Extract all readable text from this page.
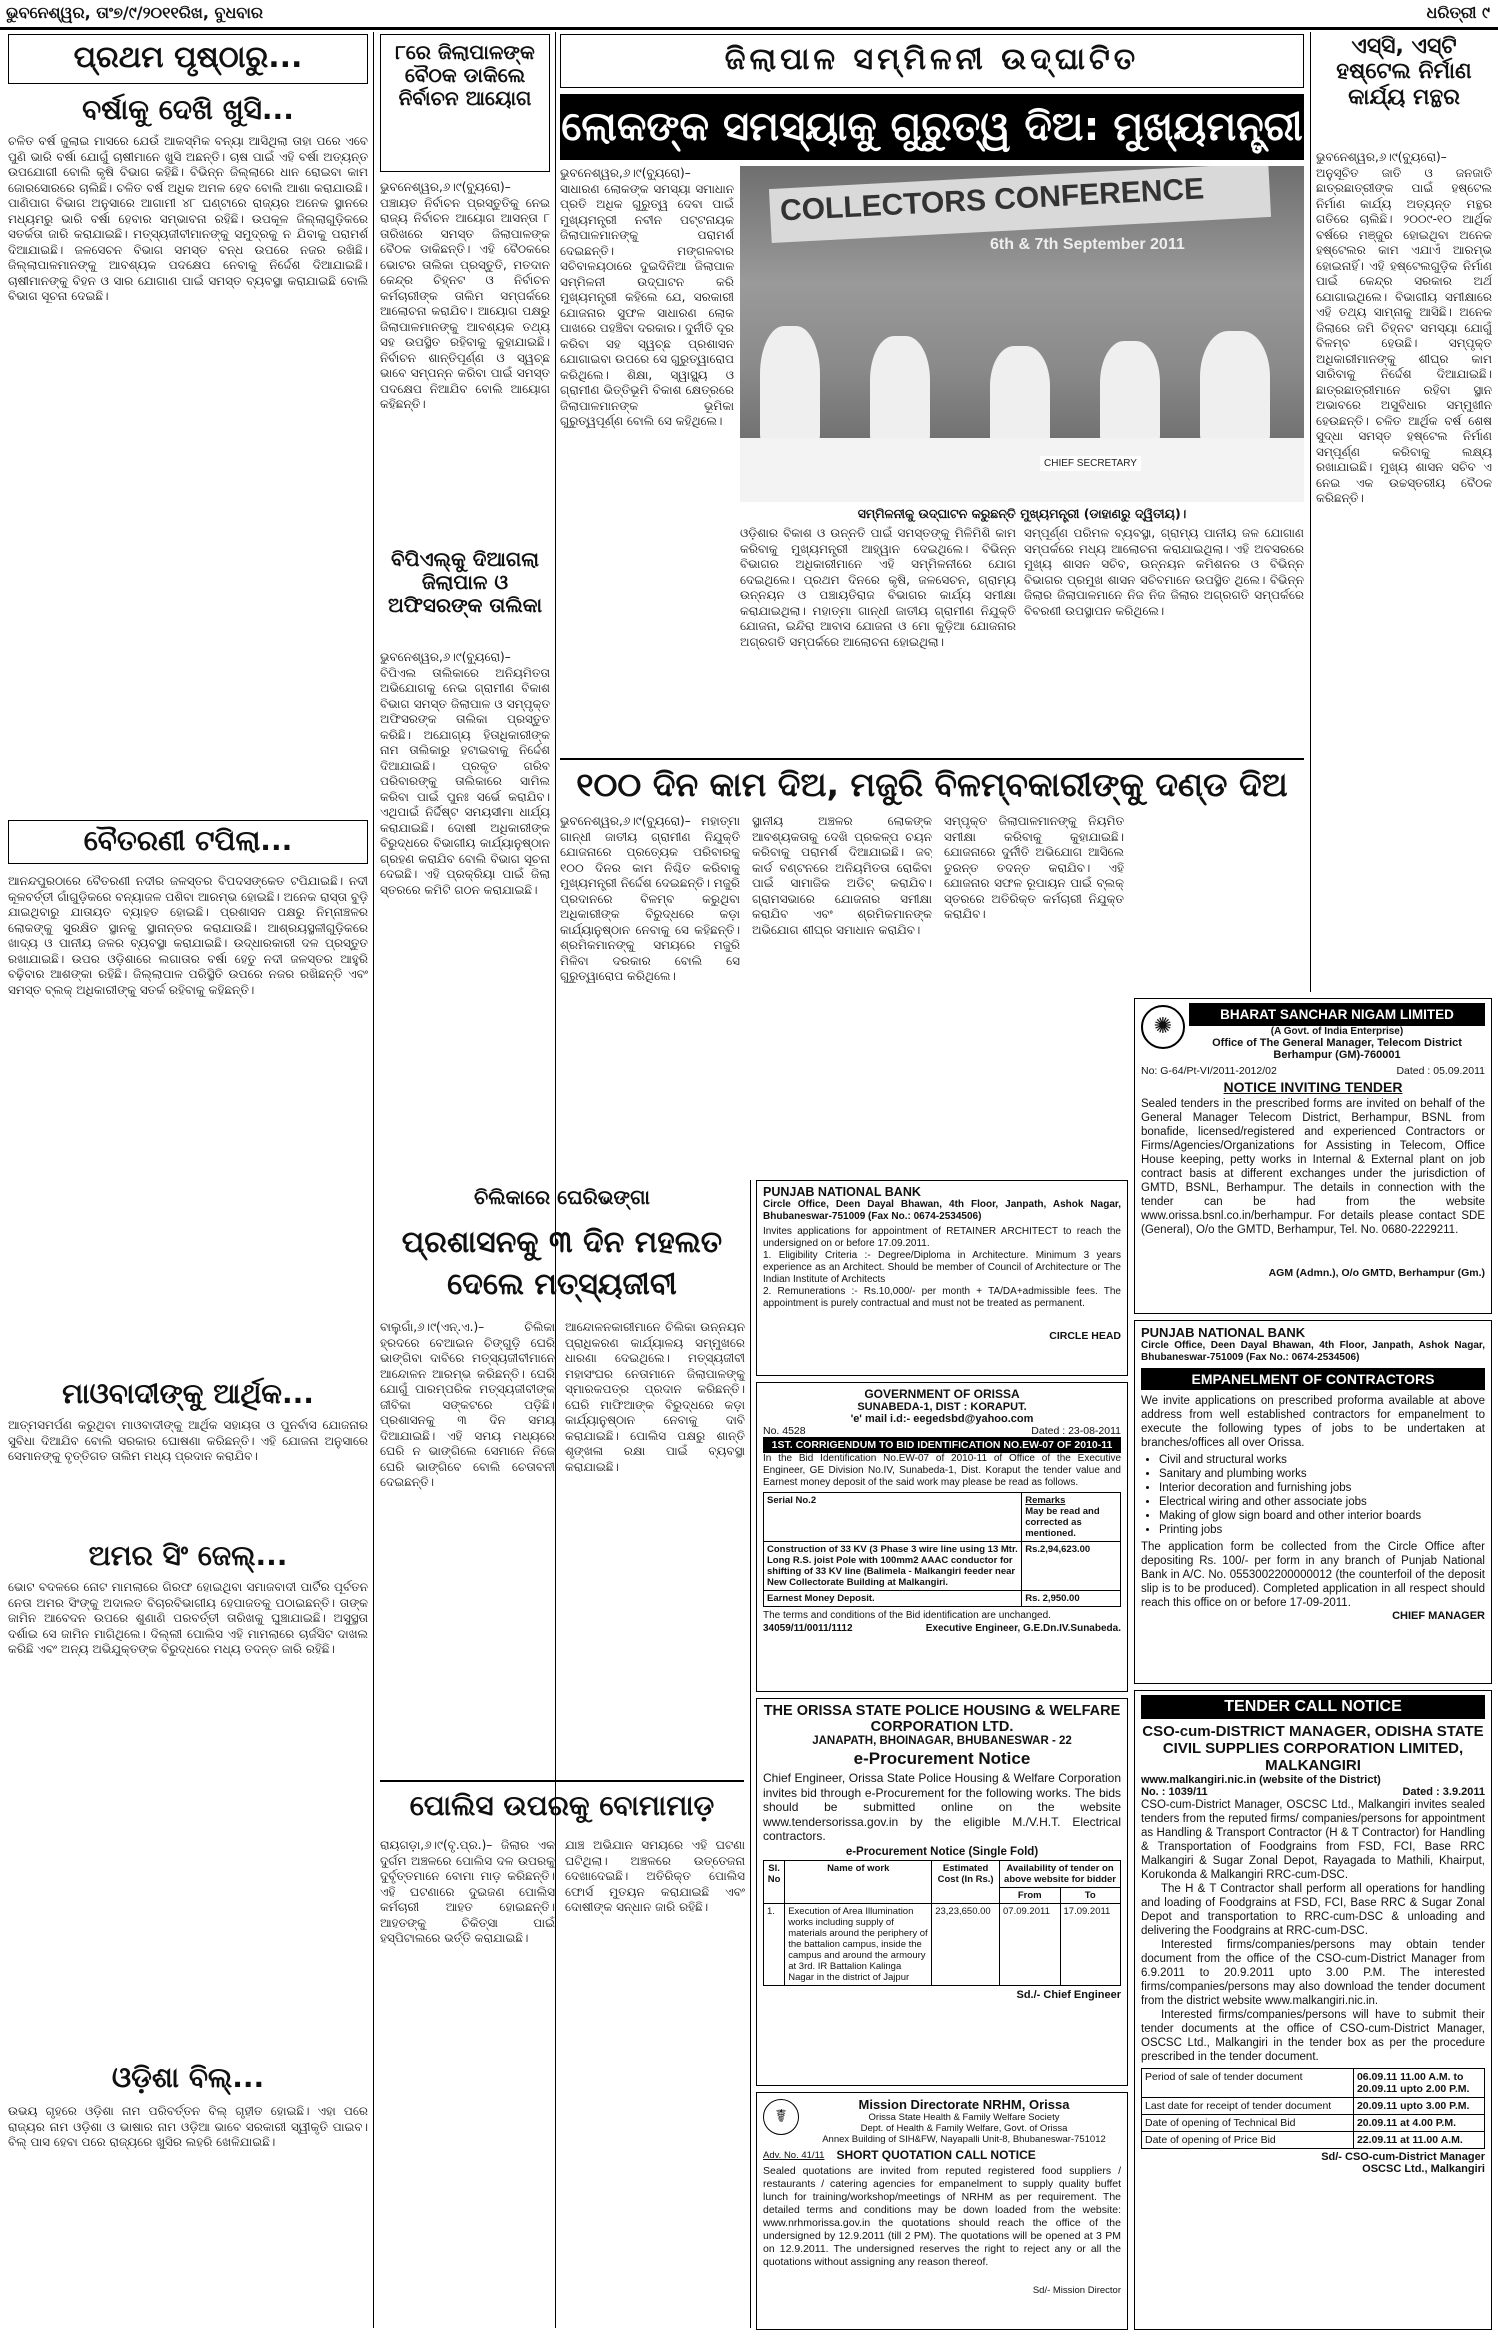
ଭୁବନେଶ୍ୱର, ତାଂ୭/୯/୨୦୧୧ରିଖ, ବୁଧବାର	ଧରିତ୍ରୀ ୯
ପ୍ରଥମ ପୃଷ୍ଠାରୁ...
ବର୍ଷାକୁ ଦେଖି ଖୁସି...
ଚଳିତ ବର୍ଷ ଜୁଲାଇ ମାସରେ ଯେଉଁ ଆକସ୍ମିକ ବନ୍ୟା ଆସିଥିଲା ତାହା ପରେ ଏବେ ପୁଣି ଭାରି ବର୍ଷା ଯୋଗୁଁ ଚାଷୀମାନେ ଖୁସି ଅଛନ୍ତି। ଚାଷ ପାଇଁ ଏହି ବର୍ଷା ଅତ୍ୟନ୍ତ ଉପଯୋଗୀ ବୋଲି କୃଷି ବିଭାଗ କହିଛି। ବିଭିନ୍ନ ଜିଲ୍ଲାରେ ଧାନ ରୋଇବା କାମ ଜୋରସୋରରେ ଚାଲିଛି। ଚଳିତ ବର୍ଷ ଅଧିକ ଅମଳ ହେବ ବୋଲି ଆଶା କରାଯାଉଛି। ପାଣିପାଗ ବିଭାଗ ଅନୁସାରେ ଆଗାମୀ ୪୮ ଘଣ୍ଟାରେ ରାଜ୍ୟର ଅନେକ ସ୍ଥାନରେ ମଧ୍ୟମରୁ ଭାରି ବର୍ଷା ହେବାର ସମ୍ଭାବନା ରହିଛି। ଉପକୂଳ ଜିଲ୍ଲାଗୁଡ଼ିକରେ ସତର୍କତା ଜାରି କରାଯାଇଛି। ମତ୍ସ୍ୟଜୀବୀମାନଙ୍କୁ ସମୁଦ୍ରକୁ ନ ଯିବାକୁ ପରାମର୍ଶ ଦିଆଯାଇଛି। ଜଳସେଚନ ବିଭାଗ ସମସ୍ତ ବନ୍ଧ ଉପରେ ନଜର ରଖିଛି। ଜିଲ୍ଲାପାଳମାନଙ୍କୁ ଆବଶ୍ୟକ ପଦକ୍ଷେପ ନେବାକୁ ନିର୍ଦ୍ଦେଶ ଦିଆଯାଇଛି। ଚାଷୀମାନଙ୍କୁ ବିହନ ଓ ସାର ଯୋଗାଣ ପାଇଁ ସମସ୍ତ ବ୍ୟବସ୍ଥା କରାଯାଇଛି ବୋଲି ବିଭାଗ ସୂଚନା ଦେଇଛି।
ବୈତରଣୀ ଟପିଲା...
ଆନନ୍ଦପୁରଠାରେ ବୈତରଣୀ ନଦୀର ଜଳସ୍ତର ବିପଦସଙ୍କେତ ଟପିଯାଇଛି। ନଦୀ କୂଳବର୍ତ୍ତୀ ଗାଁଗୁଡ଼ିକରେ ବନ୍ୟାଜଳ ପଶିବା ଆରମ୍ଭ ହୋଇଛି। ଅନେକ ରାସ୍ତା ବୁଡ଼ି ଯାଇଥିବାରୁ ଯାତାୟତ ବ୍ୟାହତ ହୋଇଛି। ପ୍ରଶାସନ ପକ୍ଷରୁ ନିମ୍ନାଞ୍ଚଳର ଲୋକଙ୍କୁ ସୁରକ୍ଷିତ ସ୍ଥାନକୁ ସ୍ଥାନାନ୍ତର କରାଯାଉଛି। ଆଶ୍ରୟସ୍ଥଳୀଗୁଡ଼ିକରେ ଖାଦ୍ୟ ଓ ପାନୀୟ ଜଳର ବ୍ୟବସ୍ଥା କରାଯାଇଛି। ଉଦ୍ଧାରକାରୀ ଦଳ ପ୍ରସ୍ତୁତ ରଖାଯାଇଛି। ଉପର ଓଡ଼ିଶାରେ ଲଗାତାର ବର୍ଷା ହେତୁ ନଦୀ ଜଳସ୍ତର ଆହୁରି ବଢ଼ିବାର ଆଶଙ୍କା ରହିଛି। ଜିଲ୍ଲାପାଳ ପରିସ୍ଥିତି ଉପରେ ନଜର ରଖିଛନ୍ତି ଏବଂ ସମସ୍ତ ବ୍ଲକ୍ ଅଧିକାରୀଙ୍କୁ ସତର୍କ ରହିବାକୁ କହିଛନ୍ତି।
ମାଓବାଦୀଙ୍କୁ ଆର୍ଥିକ...
ଆତ୍ମସମର୍ପଣ କରୁଥିବା ମାଓବାଦୀଙ୍କୁ ଆର୍ଥିକ ସହାୟତା ଓ ପୁନର୍ବାସ ଯୋଜନାର ସୁବିଧା ଦିଆଯିବ ବୋଲି ସରକାର ଘୋଷଣା କରିଛନ୍ତି। ଏହି ଯୋଜନା ଅନୁସାରେ ସେମାନଙ୍କୁ ବୃତ୍ତିଗତ ତାଲିମ ମଧ୍ୟ ପ୍ରଦାନ କରାଯିବ।
ଅମର ସିଂ ଜେଲ୍...
ଭୋଟ ବଦଳରେ ନୋଟ ମାମଲାରେ ଗିରଫ ହୋଇଥିବା ସମାଜବାଦୀ ପାର୍ଟିର ପୂର୍ବତନ ନେତା ଅମର ସିଂଙ୍କୁ ଅଦାଲତ ବିଚାରବିଭାଗୀୟ ହେପାଜତକୁ ପଠାଇଛନ୍ତି। ତାଙ୍କ ଜାମିନ ଆବେଦନ ଉପରେ ଶୁଣାଣି ପରବର୍ତ୍ତୀ ତାରିଖକୁ ଘୁଞ୍ଚାଯାଇଛି। ଅସୁସ୍ଥତା ଦର୍ଶାଇ ସେ ଜାମିନ ମାଗିଥିଲେ। ଦିଲ୍ଲୀ ପୋଲିସ ଏହି ମାମଲାରେ ଚାର୍ଜସିଟ ଦାଖଲ କରିଛି ଏବଂ ଅନ୍ୟ ଅଭିଯୁକ୍ତଙ୍କ ବିରୁଦ୍ଧରେ ମଧ୍ୟ ତଦନ୍ତ ଜାରି ରହିଛି।
ଓଡ଼ିଶା ବିଲ୍...
ଉଭୟ ଗୃହରେ ଓଡ଼ିଶା ନାମ ପରିବର୍ତ୍ତନ ବିଲ୍ ଗୃହୀତ ହୋଇଛି। ଏହା ପରେ ରାଜ୍ୟର ନାମ ଓଡ଼ିଶା ଓ ଭାଷାର ନାମ ଓଡ଼ିଆ ଭାବେ ସରକାରୀ ସ୍ୱୀକୃତି ପାଇବ। ବିଲ୍ ପାସ ହେବା ପରେ ରାଜ୍ୟରେ ଖୁସିର ଲହରି ଖେଳିଯାଇଛି।
୮ରେ ଜିଲାପାଳଙ୍କ ବୈଠକ ଡାକିଲେ ନିର୍ବାଚନ ଆୟୋଗ
ଭୁବନେଶ୍ୱର,୬।୯(ବ୍ୟୁରୋ)– ପଞ୍ଚାୟତ ନିର୍ବାଚନ ପ୍ରସ୍ତୁତିକୁ ନେଇ ରାଜ୍ୟ ନିର୍ବାଚନ ଆୟୋଗ ଆସନ୍ତା ୮ ତାରିଖରେ ସମସ୍ତ ଜିଲାପାଳଙ୍କ ବୈଠକ ଡାକିଛନ୍ତି। ଏହି ବୈଠକରେ ଭୋଟର ତାଲିକା ପ୍ରସ୍ତୁତି, ମତଦାନ କେନ୍ଦ୍ର ଚିହ୍ନଟ ଓ ନିର୍ବାଚନ କର୍ମଚାରୀଙ୍କ ତାଲିମ ସମ୍ପର୍କରେ ଆଲୋଚନା କରାଯିବ। ଆୟୋଗ ପକ୍ଷରୁ ଜିଲାପାଳମାନଙ୍କୁ ଆବଶ୍ୟକ ତଥ୍ୟ ସହ ଉପସ୍ଥିତ ରହିବାକୁ କୁହାଯାଇଛି। ନିର୍ବାଚନ ଶାନ୍ତିପୂର୍ଣ୍ଣ ଓ ସ୍ୱଚ୍ଛ ଭାବେ ସମ୍ପନ୍ନ କରିବା ପାଇଁ ସମସ୍ତ ପଦକ୍ଷେପ ନିଆଯିବ ବୋଲି ଆୟୋଗ କହିଛନ୍ତି।
ବିପିଏଲ୍‌କୁ ଦିଆଗଲା ଜିଲାପାଳ ଓ ଅଫିସରଙ୍କ ତାଲିକା
ଭୁବନେଶ୍ୱର,୬।୯(ବ୍ୟୁରୋ)– ବିପିଏଲ ତାଲିକାରେ ଅନିୟମିତତା ଅଭିଯୋଗକୁ ନେଇ ଗ୍ରାମୀଣ ବିକାଶ ବିଭାଗ ସମସ୍ତ ଜିଲାପାଳ ଓ ସମ୍ପୃକ୍ତ ଅଫିସରଙ୍କ ତାଲିକା ପ୍ରସ୍ତୁତ କରିଛି। ଅଯୋଗ୍ୟ ହିତାଧିକାରୀଙ୍କ ନାମ ତାଲିକାରୁ ହଟାଇବାକୁ ନିର୍ଦ୍ଦେଶ ଦିଆଯାଇଛି। ପ୍ରକୃତ ଗରିବ ପରିବାରଙ୍କୁ ତାଲିକାରେ ସାମିଲ କରିବା ପାଇଁ ପୁନଃ ସର୍ଭେ କରାଯିବ। ଏଥିପାଇଁ ନିର୍ଦ୍ଦିଷ୍ଟ ସମୟସୀମା ଧାର୍ଯ୍ୟ କରାଯାଇଛି। ଦୋଷୀ ଅଧିକାରୀଙ୍କ ବିରୁଦ୍ଧରେ ବିଭାଗୀୟ କାର୍ଯ୍ୟାନୁଷ୍ଠାନ ଗ୍ରହଣ କରାଯିବ ବୋଲି ବିଭାଗ ସୂଚନା ଦେଇଛି। ଏହି ପ୍ରକ୍ରିୟା ପାଇଁ ଜିଲା ସ୍ତରରେ କମିଟି ଗଠନ କରାଯାଇଛି।
ଜିଲାପାଳ ସମ୍ମିଳନୀ ଉଦ୍‌ଘାଟିତ
ଲୋକଙ୍କ ସମସ୍ୟାକୁ ଗୁରୁତ୍ୱ ଦିଅ: ମୁଖ୍ୟମନ୍ତ୍ରୀ
COLLECTORS CONFERENCE
6th & 7th September 2011
CHIEF SECRETARY
ଭୁବନେଶ୍ୱର,୬।୯(ବ୍ୟୁରୋ)– ସାଧାରଣ ଲୋକଙ୍କ ସମସ୍ୟା ସମାଧାନ ପ୍ରତି ଅଧିକ ଗୁରୁତ୍ୱ ଦେବା ପାଇଁ ମୁଖ୍ୟମନ୍ତ୍ରୀ ନବୀନ ପଟ୍ଟନାୟକ ଜିଲାପାଳମାନଙ୍କୁ ପରାମର୍ଶ ଦେଇଛନ୍ତି। ମଙ୍ଗଳବାର ସଚିବାଳୟଠାରେ ଦୁଇଦିନିଆ ଜିଲାପାଳ ସମ୍ମିଳନୀ ଉଦ୍‌ଘାଟନ କରି ମୁଖ୍ୟମନ୍ତ୍ରୀ କହିଲେ ଯେ, ସରକାରୀ ଯୋଜନାର ସୁଫଳ ସାଧାରଣ ଲୋକ ପାଖରେ ପହଞ୍ଚିବା ଦରକାର। ଦୁର୍ନୀତି ଦୂର କରିବା ସହ ସ୍ୱଚ୍ଛ ପ୍ରଶାସନ ଯୋଗାଇବା ଉପରେ ସେ ଗୁରୁତ୍ୱାରୋପ କରିଥିଲେ। ଶିକ୍ଷା, ସ୍ୱାସ୍ଥ୍ୟ ଓ ଗ୍ରାମୀଣ ଭିତ୍ତିଭୂମି ବିକାଶ କ୍ଷେତ୍ରରେ ଜିଲାପାଳମାନଙ୍କ ଭୂମିକା ଗୁରୁତ୍ୱପୂର୍ଣ୍ଣ ବୋଲି ସେ କହିଥିଲେ।
ସମ୍ମିଳନୀକୁ ଉଦ୍‌ଘାଟନ କରୁଛନ୍ତି ମୁଖ୍ୟମନ୍ତ୍ରୀ (ଡାହାଣରୁ ଦ୍ୱିତୀୟ)।
ଓଡ଼ିଶାର ବିକାଶ ଓ ଉନ୍ନତି ପାଇଁ ସମସ୍ତଙ୍କୁ ମିଳିମିଶି କାମ କରିବାକୁ ମୁଖ୍ୟମନ୍ତ୍ରୀ ଆହ୍ୱାନ ଦେଇଥିଲେ। ବିଭିନ୍ନ ବିଭାଗର ଅଧିକାରୀମାନେ ଏହି ସମ୍ମିଳନୀରେ ଯୋଗ ଦେଇଥିଲେ। ପ୍ରଥମ ଦିନରେ କୃଷି, ଜଳସେଚନ, ଗ୍ରାମ୍ୟ ଉନ୍ନୟନ ଓ ପଞ୍ଚାୟତିରାଜ ବିଭାଗର କାର୍ଯ୍ୟ ସମୀକ୍ଷା କରାଯାଇଥିଲା। ମହାତ୍ମା ଗାନ୍ଧୀ ଜାତୀୟ ଗ୍ରାମୀଣ ନିଯୁକ୍ତି ଯୋଜନା, ଇନ୍ଦିରା ଆବାସ ଯୋଜନା ଓ ମୋ କୁଡ଼ିଆ ଯୋଜନାର ଅଗ୍ରଗତି ସମ୍ପର୍କରେ ଆଲୋଚନା ହୋଇଥିଲା।
ସମ୍ପୂର୍ଣ୍ଣ ପରିମଳ ବ୍ୟବସ୍ଥା, ଗ୍ରାମ୍ୟ ପାନୀୟ ଜଳ ଯୋଗାଣ ସମ୍ପର୍କରେ ମଧ୍ୟ ଆଲୋଚନା କରାଯାଇଥିଲା। ଏହି ଅବସରରେ ମୁଖ୍ୟ ଶାସନ ସଚିବ, ଉନ୍ନୟନ କମିଶନର ଓ ବିଭିନ୍ନ ବିଭାଗର ପ୍ରମୁଖ ଶାସନ ସଚିବମାନେ ଉପସ୍ଥିତ ଥିଲେ। ବିଭିନ୍ନ ଜିଲାର ଜିଲାପାଳମାନେ ନିଜ ନିଜ ଜିଲାର ଅଗ୍ରଗତି ସମ୍ପର୍କରେ ବିବରଣୀ ଉପସ୍ଥାପନ କରିଥିଲେ।
୧୦୦ ଦିନ କାମ ଦିଅ, ମଜୁରି ବିଳମ୍ବକାରୀଙ୍କୁ ଦଣ୍ଡ ଦିଅ
ଭୁବନେଶ୍ୱର,୬।୯(ବ୍ୟୁରୋ)– ମହାତ୍ମା ଗାନ୍ଧୀ ଜାତୀୟ ଗ୍ରାମୀଣ ନିଯୁକ୍ତି ଯୋଜନାରେ ପ୍ରତ୍ୟେକ ପରିବାରକୁ ୧୦୦ ଦିନର କାମ ନିଶ୍ଚିତ କରିବାକୁ ମୁଖ୍ୟମନ୍ତ୍ରୀ ନିର୍ଦ୍ଦେଶ ଦେଇଛନ୍ତି। ମଜୁରି ପ୍ରଦାନରେ ବିଳମ୍ବ କରୁଥିବା ଅଧିକାରୀଙ୍କ ବିରୁଦ୍ଧରେ କଡ଼ା କାର୍ଯ୍ୟାନୁଷ୍ଠାନ ନେବାକୁ ସେ କହିଛନ୍ତି। ଶ୍ରମିକମାନଙ୍କୁ ସମୟରେ ମଜୁରି ମିଳିବା ଦରକାର ବୋଲି ସେ ଗୁରୁତ୍ୱାରୋପ କରିଥିଲେ।
ସ୍ଥାନୀୟ ଅଞ୍ଚଳର ଲୋକଙ୍କ ଆବଶ୍ୟକତାକୁ ଦେଖି ପ୍ରକଳ୍ପ ଚୟନ କରିବାକୁ ପରାମର୍ଶ ଦିଆଯାଇଛି। ଜବ୍ କାର୍ଡ ବଣ୍ଟନରେ ଅନିୟମିତତା ରୋକିବା ପାଇଁ ସାମାଜିକ ଅଡିଟ୍ କରାଯିବ। ଗ୍ରାମସଭାରେ ଯୋଜନାର ସମୀକ୍ଷା କରାଯିବ ଏବଂ ଶ୍ରମିକମାନଙ୍କ ଅଭିଯୋଗ ଶୀଘ୍ର ସମାଧାନ କରାଯିବ।
ସମ୍ପୃକ୍ତ ଜିଲାପାଳମାନଙ୍କୁ ନିୟମିତ ସମୀକ୍ଷା କରିବାକୁ କୁହାଯାଇଛି। ଯୋଜନାରେ ଦୁର୍ନୀତି ଅଭିଯୋଗ ଆସିଲେ ତୁରନ୍ତ ତଦନ୍ତ କରାଯିବ। ଏହି ଯୋଜନାର ସଫଳ ରୂପାୟନ ପାଇଁ ବ୍ଲକ୍ ସ୍ତରରେ ଅତିରିକ୍ତ କର୍ମଚାରୀ ନିଯୁକ୍ତ କରାଯିବ।
ଏସ୍‌ସି, ଏସ୍‌ଟି ହଷ୍ଟେଲ ନିର୍ମାଣ କାର୍ଯ୍ୟ ମନ୍ଥର
ଭୁବନେଶ୍ୱର,୬।୯(ବ୍ୟୁରୋ)– ଅନୁସୂଚିତ ଜାତି ଓ ଜନଜାତି ଛାତ୍ରଛାତ୍ରୀଙ୍କ ପାଇଁ ହଷ୍ଟେଲ ନିର୍ମାଣ କାର୍ଯ୍ୟ ଅତ୍ୟନ୍ତ ମନ୍ଥର ଗତିରେ ଚାଲିଛି। ୨୦୦୯-୧୦ ଆର୍ଥିକ ବର୍ଷରେ ମଞ୍ଜୁର ହୋଇଥିବା ଅନେକ ହଷ୍ଟେଲର କାମ ଏଯାଏଁ ଆରମ୍ଭ ହୋଇନାହିଁ। ଏହି ହଷ୍ଟେଲଗୁଡ଼ିକ ନିର୍ମାଣ ପାଇଁ କେନ୍ଦ୍ର ସରକାର ଅର୍ଥ ଯୋଗାଇଥିଲେ। ବିଭାଗୀୟ ସମୀକ୍ଷାରେ ଏହି ତଥ୍ୟ ସାମ୍ନାକୁ ଆସିଛି। ଅନେକ ଜିଲାରେ ଜମି ଚିହ୍ନଟ ସମସ୍ୟା ଯୋଗୁଁ ବିଳମ୍ବ ହେଉଛି। ସମ୍ପୃକ୍ତ ଅଧିକାରୀମାନଙ୍କୁ ଶୀଘ୍ର କାମ ସାରିବାକୁ ନିର୍ଦ୍ଦେଶ ଦିଆଯାଇଛି। ଛାତ୍ରଛାତ୍ରୀମାନେ ରହିବା ସ୍ଥାନ ଅଭାବରେ ଅସୁବିଧାର ସମ୍ମୁଖୀନ ହେଉଛନ୍ତି। ଚଳିତ ଆର୍ଥିକ ବର୍ଷ ଶେଷ ସୁଦ୍ଧା ସମସ୍ତ ହଷ୍ଟେଲ ନିର୍ମାଣ ସମ୍ପୂର୍ଣ୍ଣ କରିବାକୁ ଲକ୍ଷ୍ୟ ରଖାଯାଇଛି। ମୁଖ୍ୟ ଶାସନ ସଚିବ ଏ ନେଇ ଏକ ଉଚ୍ଚସ୍ତରୀୟ ବୈଠକ କରିଛନ୍ତି।
BHARAT SANCHAR NIGAM LIMITED
✺	(A Govt. of India Enterprise)
Office of The General Manager, Telecom District Berhampur (GM)-760001
No: G-64/Pt-VI/2011-2012/02	Dated : 05.09.2011
NOTICE INVITING TENDER
Sealed tenders in the prescribed forms are invited on behalf of the General Manager Telecom District, Berhampur, BSNL from bonafide, licensed/registered and experienced Contractors or Firms/Agencies/Organizations for Assisting in Telecom, Office House keeping, petty works in Internal & External plant on job contract basis at different exchanges under the jurisdiction of GMTD, BSNL, Berhampur. The details in connection with the tender can be had from the website www.orissa.bsnl.co.in/berhampur. For details please contact SDE (General), O/o the GMTD, Berhampur, Tel. No. 0680-2229211.
AGM (Admn.), O/o GMTD, Berhampur (Gm.)
PUNJAB NATIONAL BANK
Circle Office, Deen Dayal Bhawan, 4th Floor, Janpath, Ashok Nagar, Bhubaneswar-751009 (Fax No.: 0674-2534506)
EMPANELMENT OF CONTRACTORS
We invite applications on prescribed proforma available at above address from well established contractors for empanelment to execute the following types of jobs to be undertaken at branches/offices all over Orissa.
• Civil and structural works
• Sanitary and plumbing works
• Interior decoration and furnishing jobs
• Electrical wiring and other associate jobs
• Making of glow sign board and other interior boards
• Printing jobs
The application form be collected from the Circle Office after depositing Rs. 100/- per form in any branch of Punjab National Bank in A/C. No. 0553002200000012 (the counterfoil of the deposit slip is to be produced). Completed application in all respect should reach this office on or before 17-09-2011.
CHIEF MANAGER
TENDER CALL NOTICE
CSO-cum-DISTRICT MANAGER, ODISHA STATE CIVIL SUPPLIES CORPORATION LIMITED, MALKANGIRI
www.malkangiri.nic.in (website of the District)
No. : 1039/11	Dated : 3.9.2011
CSO-cum-District Manager, OSCSC Ltd., Malkangiri invites sealed tenders from the reputed firms/ companies/persons for appointment as Handling & Transport Contractor (H & T Contractor) for Handling & Transportation of Foodgrains from FSD, FCI, Base RRC Malkangiri & Sugar Zonal Depot, Rayagada to Mathili, Khairput, Korukonda & Malkangiri RRC-cum-DSC.
The H & T Contractor shall perform all operations for handling and loading of Foodgrains at FSD, FCI, Base RRC & Sugar Zonal Depot and transportation to RRC-cum-DSC & unloading and delivering the Foodgrains at RRC-cum-DSC.
Interested firms/companies/persons may obtain tender document from the office of the CSO-cum-District Manager from 6.9.2011 to 20.9.2011 upto 3.00 P.M. The interested firms/companies/persons may also download the tender document from the district website www.malkangiri.nic.in.
Interested firms/companies/persons will have to submit their tender documents at the office of CSO-cum-District Manager, OSCSC Ltd., Malkangiri in the tender box as per the procedure prescribed in the tender document.
Period of sale of tender document	06.09.11 11.00 A.M. to
20.09.11 upto 2.00 P.M.
Last date for receipt of tender document	20.09.11 upto 3.00 P.M.
Date of opening of Technical Bid	20.09.11 at 4.00 P.M.
Date of opening of Price Bid	22.09.11 at 11.00 A.M.
Sd/- CSO-cum-District Manager
OSCSC Ltd., Malkangiri
ଚିଲିକାରେ ଘେରିଭଙ୍ଗା
ପ୍ରଶାସନକୁ ୩ ଦିନ ମହଲତ ଦେଲେ ମତ୍ସ୍ୟଜୀବୀ
ବାଲୁଗାଁ,୬।୯(ଏନ୍.ଏ.)– ଚିଲିକା ହ୍ରଦରେ ବେଆଇନ ଚିଙ୍ଗୁଡ଼ି ଘେରି ଭାଙ୍ଗିବା ଦାବିରେ ମତ୍ସ୍ୟଜୀବୀମାନେ ଆନ୍ଦୋଳନ ଆରମ୍ଭ କରିଛନ୍ତି। ଘେରି ଯୋଗୁଁ ପାରମ୍ପରିକ ମତ୍ସ୍ୟଜୀବୀଙ୍କ ଜୀବିକା ସଙ୍କଟରେ ପଡ଼ିଛି। ପ୍ରଶାସନକୁ ୩ ଦିନ ସମୟ ଦିଆଯାଇଛି। ଏହି ସମୟ ମଧ୍ୟରେ ଘେରି ନ ଭାଙ୍ଗିଲେ ସେମାନେ ନିଜେ ଘେରି ଭାଙ୍ଗିବେ ବୋଲି ଚେତାବନୀ ଦେଇଛନ୍ତି।
ଆନ୍ଦୋଳନକାରୀମାନେ ଚିଲିକା ଉନ୍ନୟନ ପ୍ରାଧିକରଣ କାର୍ଯ୍ୟାଳୟ ସମ୍ମୁଖରେ ଧାରଣା ଦେଇଥିଲେ। ମତ୍ସ୍ୟଜୀବୀ ମହାସଂଘର ନେତାମାନେ ଜିଲାପାଳଙ୍କୁ ସ୍ମାରକପତ୍ର ପ୍ରଦାନ କରିଛନ୍ତି। ଘେରି ମାଫିଆଙ୍କ ବିରୁଦ୍ଧରେ କଡ଼ା କାର୍ଯ୍ୟାନୁଷ୍ଠାନ ନେବାକୁ ଦାବି କରାଯାଇଛି। ପୋଲିସ ପକ୍ଷରୁ ଶାନ୍ତି ଶୃଙ୍ଖଳା ରକ୍ଷା ପାଇଁ ବ୍ୟବସ୍ଥା କରାଯାଇଛି।
ପୋଲିସ ଉପରକୁ ବୋମାମାଡ଼
ରାୟଗଡ଼ା,୬।୯(ବୃ.ପ୍ର.)– ଜିଲାର ଏକ ଦୁର୍ଗମ ଅଞ୍ଚଳରେ ପୋଲିସ ଦଳ ଉପରକୁ ଦୁର୍ବୃତ୍ତମାନେ ବୋମା ମାଡ଼ କରିଛନ୍ତି। ଏହି ଘଟଣାରେ ଦୁଇଜଣ ପୋଲିସ କର୍ମଚାରୀ ଆହତ ହୋଇଛନ୍ତି। ଆହତଙ୍କୁ ଚିକିତ୍ସା ପାଇଁ ହସ୍ପିଟାଲରେ ଭର୍ତ୍ତି କରାଯାଇଛି।
ଯାଞ୍ଚ ଅଭିଯାନ ସମୟରେ ଏହି ଘଟଣା ଘଟିଥିଲା। ଅଞ୍ଚଳରେ ଉତ୍ତେଜନା ଦେଖାଦେଇଛି। ଅତିରିକ୍ତ ପୋଲିସ ଫୋର୍ସ ମୁତୟନ କରାଯାଇଛି ଏବଂ ଦୋଷୀଙ୍କ ସନ୍ଧାନ ଜାରି ରହିଛି।
PUNJAB NATIONAL BANK
Circle Office, Deen Dayal Bhawan, 4th Floor, Janpath, Ashok Nagar, Bhubaneswar-751009 (Fax No.: 0674-2534506)
Invites applications for appointment of RETAINER ARCHITECT to reach the undersigned on or before 17.09.2011.
1. Eligibility Criteria :- Degree/Diploma in Architecture. Minimum 3 years experience as an Architect. Should be member of Council of Architecture or The Indian Institute of Architects
2. Remunerations :- Rs.10,000/- per month + TA/DA+admissible fees. The appointment is purely contractual and must not be treated as permanent.
CIRCLE HEAD
GOVERNMENT OF ORISSA
SUNABEDA-1, DIST : KORAPUT.
'e' mail i.d:- eegedsbd@yahoo.com
No. 4528	Dated : 23-08-2011
1ST. CORRIGENDUM TO BID IDENTIFICATION NO.EW-07 OF 2010-11
In the Bid Identification No.EW-07 of 2010-11 of Office of the Executive Engineer, GE Division No.IV, Sunabeda-1, Dist. Koraput the tender value and Earnest money deposit of the said work may please be read as follows.
Serial No.2	Remarks
May be read and corrected as mentioned.
Construction of 33 KV (3 Phase 3 wire line using 13 Mtr. Long R.S. joist Pole with 100mm2 AAAC conductor for shifting of 33 KV line (Balimela - Malkangiri feeder near New Collectorate Building at Malkangiri.	Rs.2,94,623.00
Earnest Money Deposit.	Rs. 2,950.00
The terms and conditions of the Bid identification are unchanged.
34059/11/0011/1112	Executive Engineer, G.E.Dn.IV.Sunabeda.
THE ORISSA STATE POLICE HOUSING & WELFARE CORPORATION LTD.
JANAPATH, BHOINAGAR, BHUBANESWAR - 22
e-Procurement Notice
Chief Engineer, Orissa State Police Housing & Welfare Corporation invites bid through e-Procurement for the following works. The bids should be submitted online on the website www.tendersorissa.gov.in by the eligible M./V.H.T. Electrical contractors.
e-Procurement Notice (Single Fold)
Sl. No	Name of work	Estimated Cost (In Rs.)	Availability of tender on above website for bidder	
			From	To
1.	Execution of Area Illumination works including supply of materials around the periphery of the battalion campus, inside the campus and around the armoury at 3rd. IR Battalion Kalinga Nagar in the district of Jajpur	23,23,650.00	07.09.2011	17.09.2011
Sd./- Chief Engineer
☤
Mission Directorate NRHM, Orissa
Orissa State Health & Family Welfare Society
Dept. of Health & Family Welfare, Govt. of Orissa
Annex Building of SIH&FW, Nayapalli Unit-8, Bhubaneswar-751012
Adv. No. 41/11 SHORT QUOTATION CALL NOTICE
Sealed quotations are invited from reputed registered food suppliers / restaurants / catering agencies for empanelment to supply quality buffet lunch for training/workshop/meetings of NRHM as per requirement. The detailed terms and conditions may be down loaded from the website: www.nrhmorissa.gov.in the quotations should reach the office of the undersigned by 12.9.2011 (till 2 PM). The quotations will be opened at 3 PM on 12.9.2011. The undersigned reserves the right to reject any or all the quotations without assigning any reason thereof.
Sd/- Mission Director
